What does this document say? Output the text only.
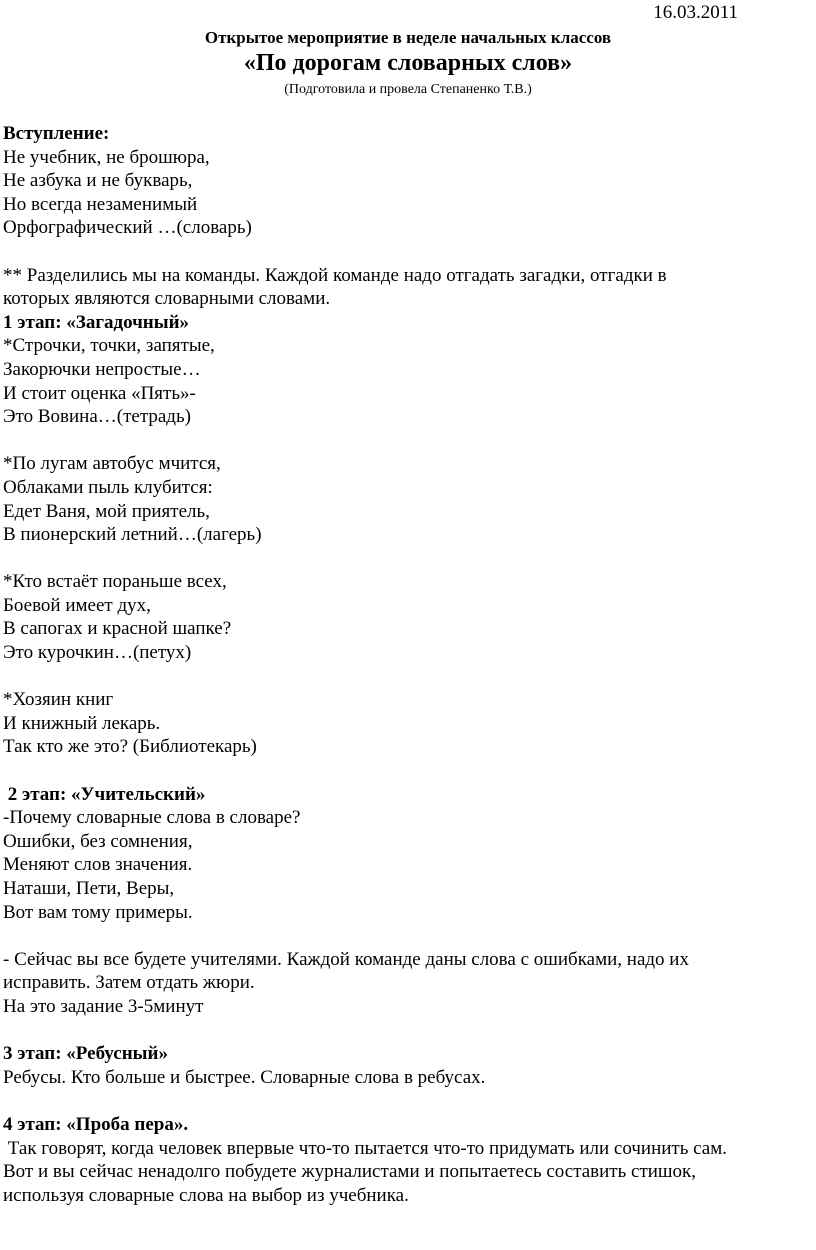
16.03.2011
Открытое мероприятие в неделе начальных классов
«По дорогам словарных слов»
(Подготовила и провела Степаненко Т.В.)
Вступление:
Не учебник, не брошюра,
Не азбука и не букварь,
Но всегда незаменимый
Орфографический …(словарь)
** Разделились мы на команды. Каждой команде надо отгадать загадки, отгадки в
которых являются словарными словами.
1 этап: «Загадочный»
*Строчки, точки, запятые,
Закорючки непростые…
И стоит оценка «Пять»-
Это Вовина…(тетрадь)
*По лугам автобус мчится,
Облаками пыль клубится:
Едет Ваня, мой приятель,
В пионерский летний…(лагерь)
*Кто встаёт пораньше всех,
Боевой имеет дух,
В сапогах и красной шапке?
Это курочкин…(петух)
*Хозяин книг
И книжный лекарь.
Так кто же это? (Библиотекарь)
2 этап: «Учительский»
-Почему словарные слова в словаре?
Ошибки, без сомнения,
Меняют слов значения.
Наташи, Пети, Веры,
Вот вам тому примеры.
- Сейчас вы все будете учителями. Каждой команде даны слова с ошибками, надо их
исправить. Затем отдать жюри.
На это задание 3-5минут
3 этап: «Ребусный»
Ребусы. Кто больше и быстрее. Словарные слова в ребусах.
4 этап: «Проба пера».
Так говорят, когда человек впервые что-то пытается что-то придумать или сочинить сам.
Вот и вы сейчас ненадолго побудете журналистами и попытаетесь составить стишок,
используя словарные слова на выбор из учебника.
